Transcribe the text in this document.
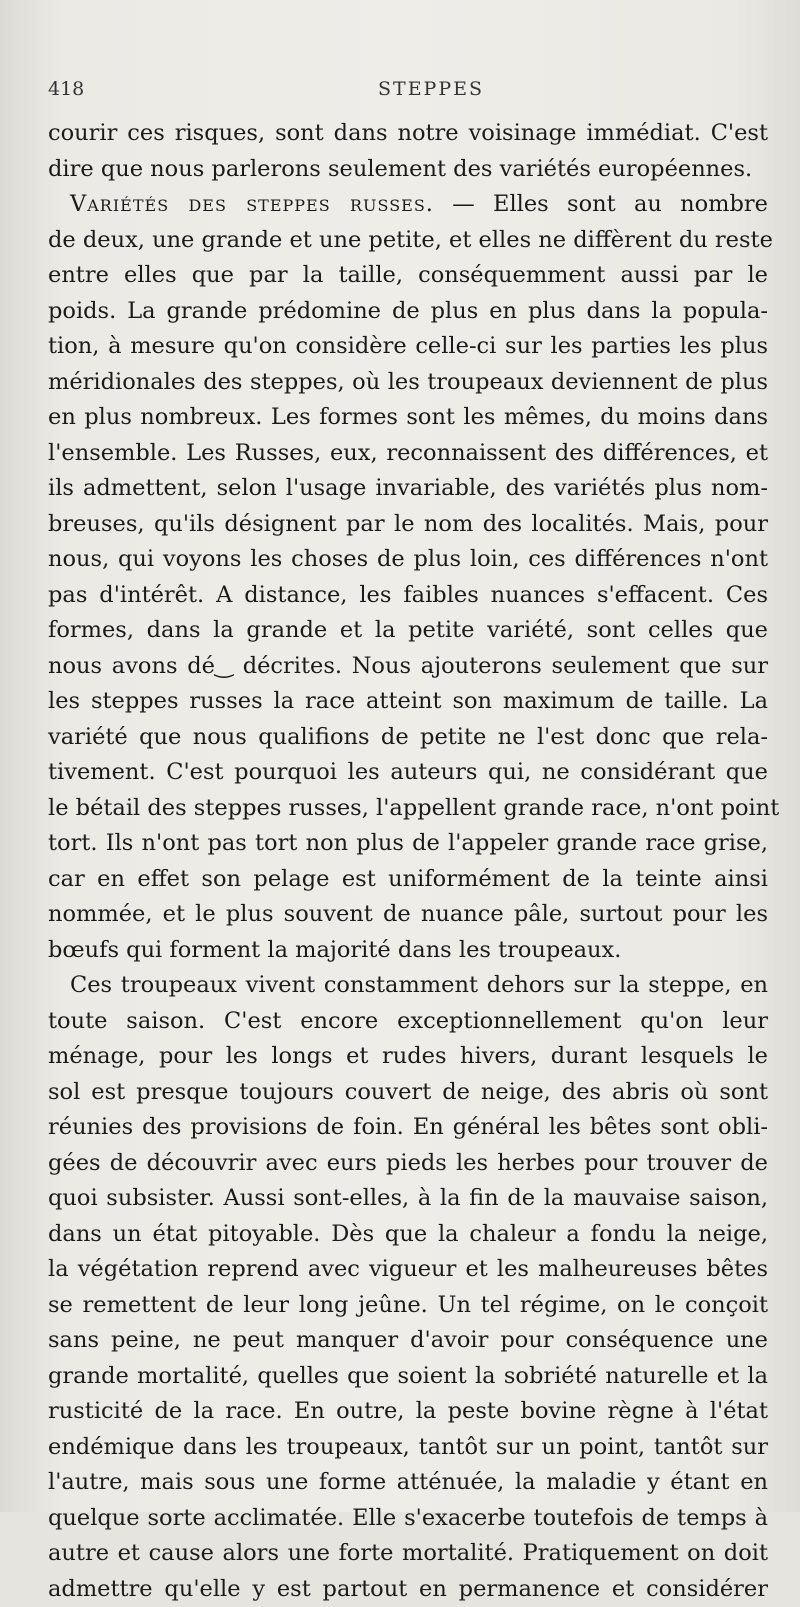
418	STEPPES
courir ces risques, sont dans notre voisinage immédiat. C'est
dire que nous parlerons seulement des variétés européennes.
Variétés des steppes russes. — Elles sont au nombre
de deux, une grande et une petite, et elles ne diffèrent du reste
entre elles que par la taille, conséquemment aussi par le
poids. La grande prédomine de plus en plus dans la popula-
tion, à mesure qu'on considère celle-ci sur les parties les plus
méridionales des steppes, où les troupeaux deviennent de plus
en plus nombreux. Les formes sont les mêmes, du moins dans
l'ensemble. Les Russes, eux, reconnaissent des différences, et
ils admettent, selon l'usage invariable, des variétés plus nom-
breuses, qu'ils désignent par le nom des localités. Mais, pour
nous, qui voyons les choses de plus loin, ces différences n'ont
pas d'intérêt. A distance, les faibles nuances s'effacent. Ces
formes, dans la grande et la petite variété, sont celles que
nous avons dé‿ décrites. Nous ajouterons seulement que sur
les steppes russes la race atteint son maximum de taille. La
variété que nous qualifions de petite ne l'est donc que rela-
tivement. C'est pourquoi les auteurs qui, ne considérant que
le bétail des steppes russes, l'appellent grande race, n'ont point
tort. Ils n'ont pas tort non plus de l'appeler grande race grise,
car en effet son pelage est uniformément de la teinte ainsi
nommée, et le plus souvent de nuance pâle, surtout pour les
bœufs qui forment la majorité dans les troupeaux.
Ces troupeaux vivent constamment dehors sur la steppe, en
toute saison. C'est encore exceptionnellement qu'on leur
ménage, pour les longs et rudes hivers, durant lesquels le
sol est presque toujours couvert de neige, des abris où sont
réunies des provisions de foin. En général les bêtes sont obli-
gées de découvrir avec eurs pieds les herbes pour trouver de
quoi subsister. Aussi sont-elles, à la fin de la mauvaise saison,
dans un état pitoyable. Dès que la chaleur a fondu la neige,
la végétation reprend avec vigueur et les malheureuses bêtes
se remettent de leur long jeûne. Un tel régime, on le conçoit
sans peine, ne peut manquer d'avoir pour conséquence une
grande mortalité, quelles que soient la sobriété naturelle et la
rusticité de la race. En outre, la peste bovine règne à l'état
endémique dans les troupeaux, tantôt sur un point, tantôt sur
l'autre, mais sous une forme atténuée, la maladie y étant en
quelque sorte acclimatée. Elle s'exacerbe toutefois de temps à
autre et cause alors une forte mortalité. Pratiquement on doit
admettre qu'elle y est partout en permanence et considérer
